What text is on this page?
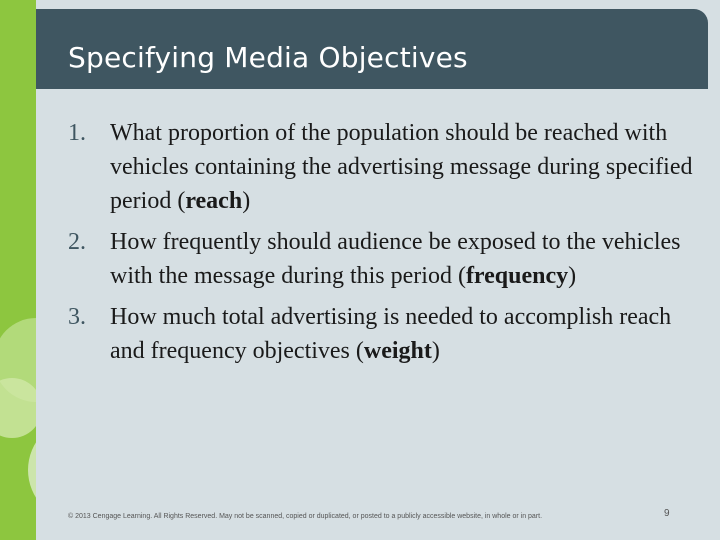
Specifying Media Objectives
1.	What proportion of the population should be reached with vehicles containing the advertising message during specified period (reach)
2.	How frequently should audience be exposed to the vehicles with the message during this period (frequency)
3.	How much total advertising is needed to accomplish reach and frequency objectives (weight)
© 2013 Cengage Learning. All Rights Reserved. May not be scanned, copied or duplicated, or posted to a publicly accessible website, in whole or in part.	9
